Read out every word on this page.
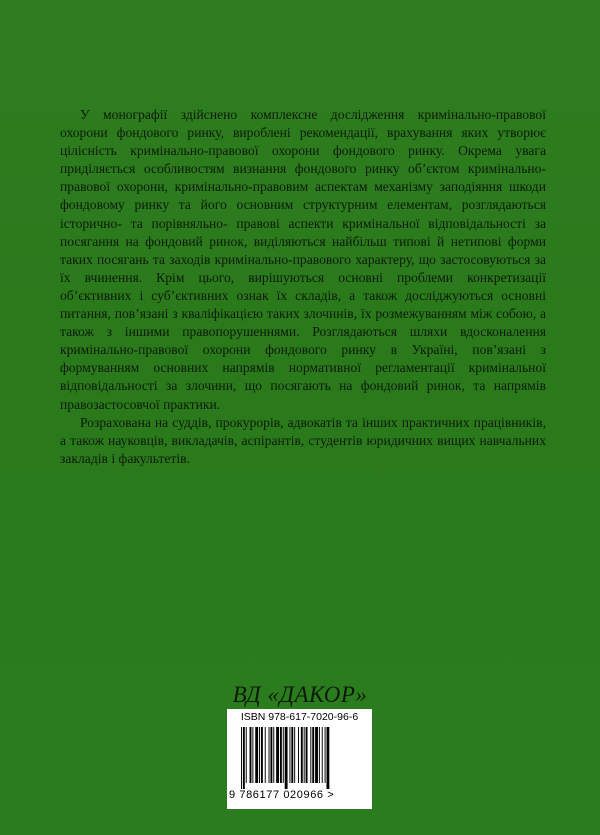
У монографії здійснено комплексне дослідження кримінально-правової охорони фондового ринку, вироблені рекомендації, врахування яких утворює цілісність кримінально-правової охорони фондового ринку. Окрема увага приділяється особливостям визнання фондового ринку об’єктом кримінально-правової охорони, кримінально-правовим аспектам механізму заподіяння шкоди фондовому ринку та його основним структурним елементам, розглядаються історично- та порівняльно- правові аспекти кримінальної відповідальності за посягання на фондовий ринок, виділяються найбільш типові й нетипові форми таких посягань та заходів кримінально-правового характеру, що застосовуються за їх вчинення. Крім цього, вирішуються основні проблеми конкретизації об’єктивних і суб’єктивних ознак їх складів, а також досліджуються основні питання, пов’язані з кваліфікацією таких злочинів, їх розмежуванням між собою, а також з іншими правопорушеннями. Розглядаються шляхи вдосконалення кримінально-правової охорони фондового ринку в Україні, пов’язані з формуванням основних напрямів нормативної регламентації кримінальної відповідальності за злочини, що посягають на фондовий ринок, та напрямів правозастосовчої практики.

Розрахована на суддів, прокурорів, адвокатів та інших практичних працівників, а також науковців, викладачів, аспірантів, студентів юридичних вищих навчальних закладів і факультетів.

ВД «ДАКОР»
ISBN 978-617-7020-96-6
9 786177 020966 >
